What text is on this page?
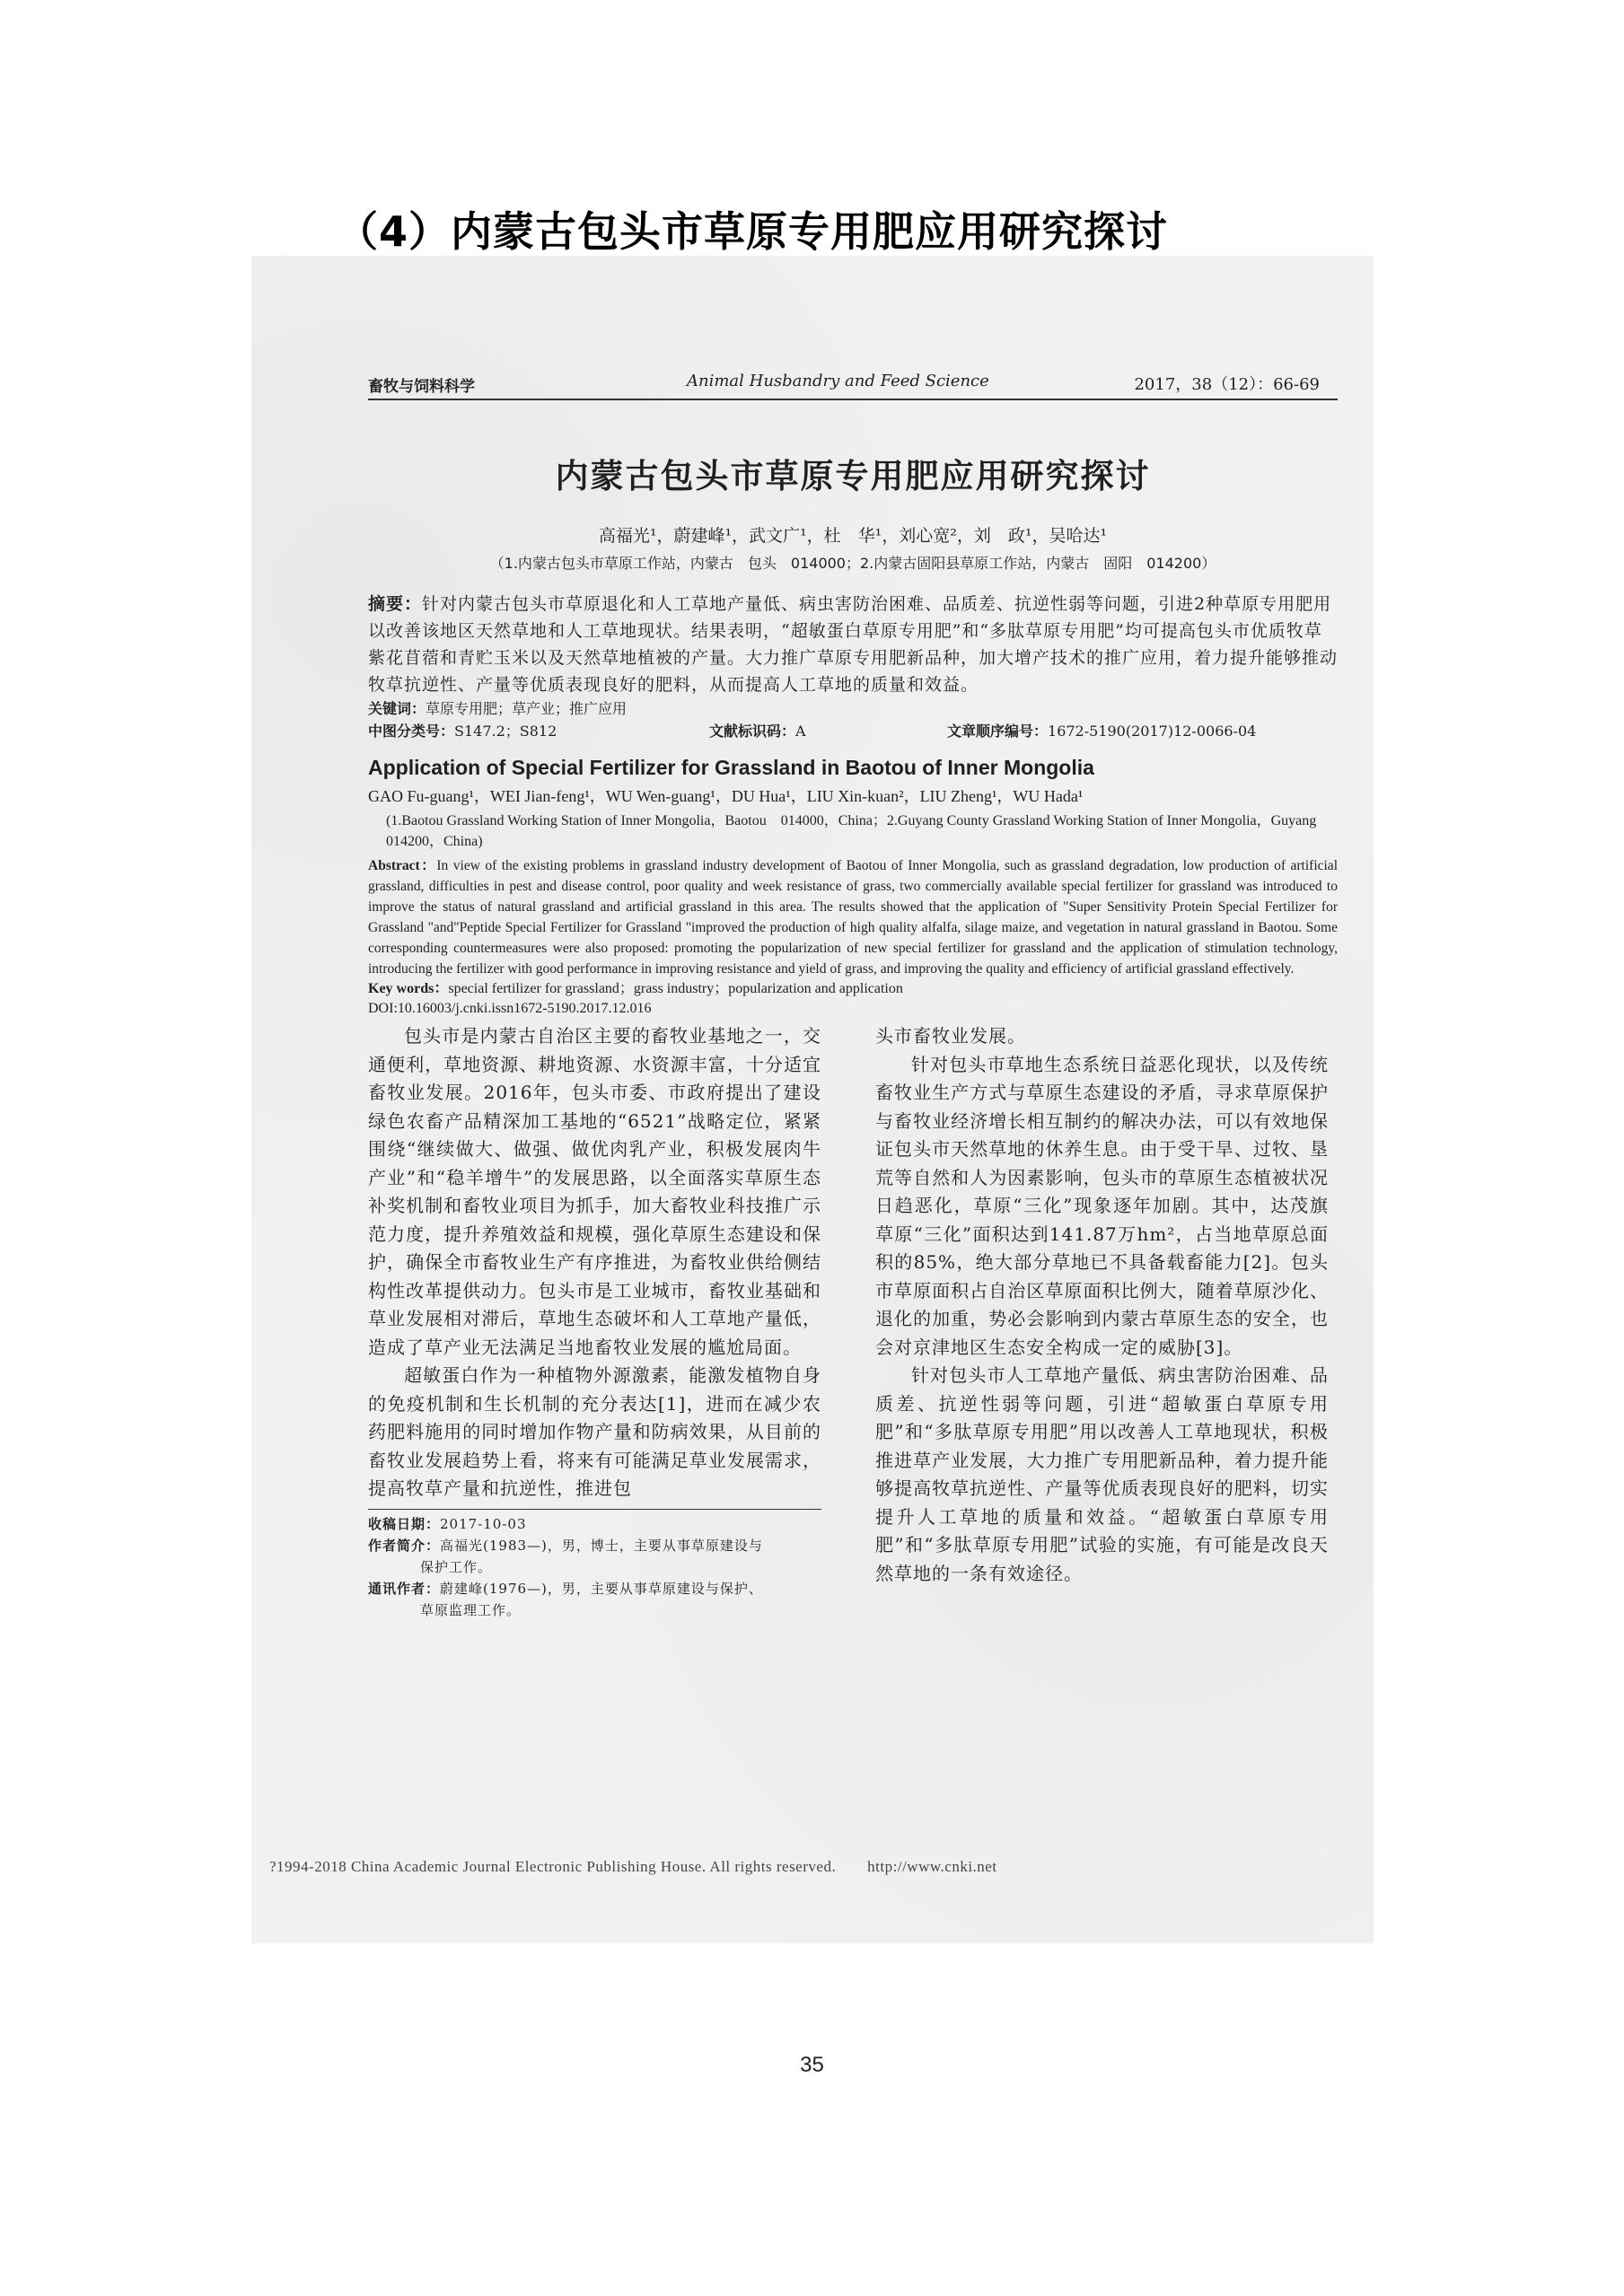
（4）内蒙古包头市草原专用肥应用研究探讨
畜牧与饲料科学	Animal Husbandry and Feed Science	2017，38（12）：66-69
内蒙古包头市草原专用肥应用研究探讨
高福光¹，蔚建峰¹，武文广¹，杜　华¹，刘心宽²，刘　政¹，吴哈达¹
（1.内蒙古包头市草原工作站，内蒙古　包头　014000；2.内蒙古固阳县草原工作站，内蒙古　固阳　014200）
摘要：针对内蒙古包头市草原退化和人工草地产量低、病虫害防治困难、品质差、抗逆性弱等问题，引进2种草原专用肥用以改善该地区天然草地和人工草地现状。结果表明，“超敏蛋白草原专用肥”和“多肽草原专用肥”均可提高包头市优质牧草紫花苜蓿和青贮玉米以及天然草地植被的产量。大力推广草原专用肥新品种，加大增产技术的推广应用，着力提升能够推动牧草抗逆性、产量等优质表现良好的肥料，从而提高人工草地的质量和效益。
关键词：草原专用肥；草产业；推广应用
中图分类号：S147.2；S812	文献标识码：A	文章顺序编号：1672-5190(2017)12-0066-04
Application of Special Fertilizer for Grassland in Baotou of Inner Mongolia
GAO Fu-guang¹，WEI Jian-feng¹，WU Wen-guang¹，DU Hua¹，LIU Xin-kuan²，LIU Zheng¹，WU Hada¹
(1.Baotou Grassland Working Station of Inner Mongolia，Baotou　014000，China；2.Guyang County Grassland Working Station of Inner Mongolia，Guyang　014200，China)
Abstract：In view of the existing problems in grassland industry development of Baotou of Inner Mongolia, such as grassland degradation, low production of artificial grassland, difficulties in pest and disease control, poor quality and week resistance of grass, two commercially available special fertilizer for grassland was introduced to improve the status of natural grassland and artificial grassland in this area. The results showed that the application of "Super Sensitivity Protein Special Fertilizer for Grassland "and"Peptide Special Fertilizer for Grassland "improved the production of high quality alfalfa, silage maize, and vegetation in natural grassland in Baotou. Some corresponding countermeasures were also proposed: promoting the popularization of new special fertilizer for grassland and the application of stimulation technology, introducing the fertilizer with good performance in improving resistance and yield of grass, and improving the quality and efficiency of artificial grassland effectively.
Key words：special fertilizer for grassland；grass industry；popularization and application
DOI:10.16003/j.cnki.issn1672-5190.2017.12.016

包头市是内蒙古自治区主要的畜牧业基地之一，交通便利，草地资源、耕地资源、水资源丰富，十分适宜畜牧业发展。2016年，包头市委、市政府提出了建设绿色农畜产品精深加工基地的“6521”战略定位，紧紧围绕“继续做大、做强、做优肉乳产业，积极发展肉牛产业”和“稳羊增牛”的发展思路，以全面落实草原生态补奖机制和畜牧业项目为抓手，加大畜牧业科技推广示范力度，提升养殖效益和规模，强化草原生态建设和保护，确保全市畜牧业生产有序推进，为畜牧业供给侧结构性改革提供动力。包头市是工业城市，畜牧业基础和草业发展相对滞后，草地生态破坏和人工草地产量低，造成了草产业无法满足当地畜牧业发展的尴尬局面。

超敏蛋白作为一种植物外源激素，能激发植物自身的免疫机制和生长机制的充分表达[1]，进而在减少农药肥料施用的同时增加作物产量和防病效果，从目前的畜牧业发展趋势上看，将来有可能满足草业发展需求，提高牧草产量和抗逆性，推进包

收稿日期：2017-10-03
作者简介：高福光(1983—)，男，博士，主要从事草原建设与
保护工作。
通讯作者：蔚建峰(1976—)，男，主要从事草原建设与保护、
草原监理工作。

头市畜牧业发展。

针对包头市草地生态系统日益恶化现状，以及传统畜牧业生产方式与草原生态建设的矛盾，寻求草原保护与畜牧业经济增长相互制约的解决办法，可以有效地保证包头市天然草地的休养生息。由于受干旱、过牧、垦荒等自然和人为因素影响，包头市的草原生态植被状况日趋恶化，草原“三化”现象逐年加剧。其中，达茂旗草原“三化”面积达到141.87万hm²，占当地草原总面积的85%，绝大部分草地已不具备载畜能力[2]。包头市草原面积占自治区草原面积比例大，随着草原沙化、退化的加重，势必会影响到内蒙古草原生态的安全，也会对京津地区生态安全构成一定的威胁[3]。

针对包头市人工草地产量低、病虫害防治困难、品质差、抗逆性弱等问题，引进“超敏蛋白草原专用肥”和“多肽草原专用肥”用以改善人工草地现状，积极推进草产业发展，大力推广专用肥新品种，着力提升能够提高牧草抗逆性、产量等优质表现良好的肥料，切实提升人工草地的质量和效益。“超敏蛋白草原专用肥”和“多肽草原专用肥”试验的实施，有可能是改良天然草地的一条有效途径。

?1994-2018 China Academic Journal Electronic Publishing House. All rights reserved.　　http://www.cnki.net
35
